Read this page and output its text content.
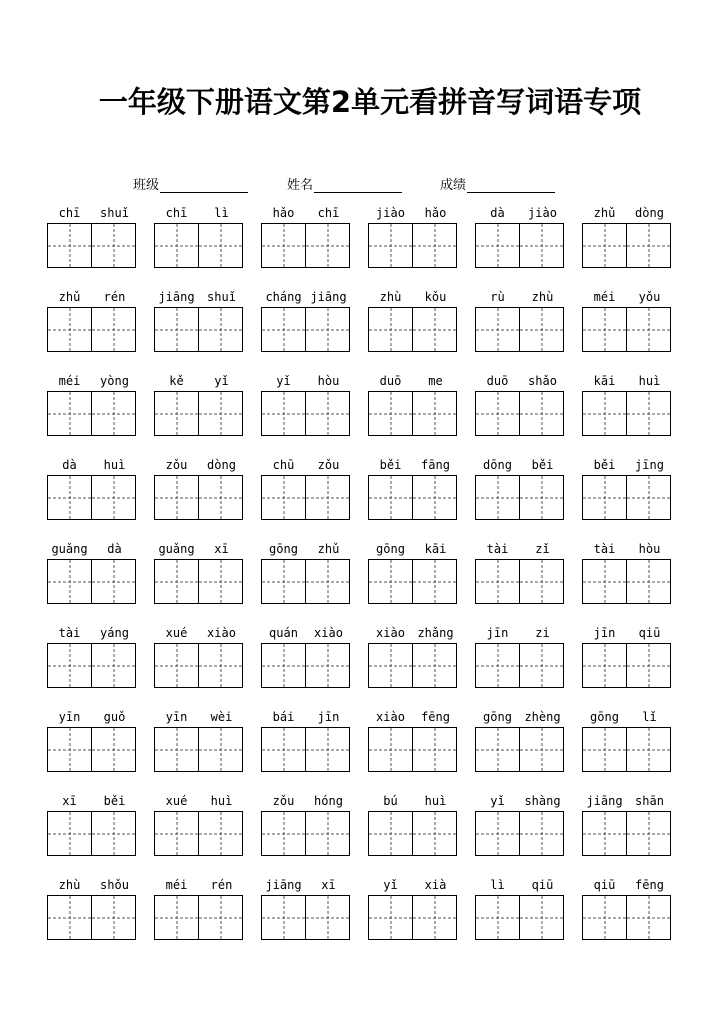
一年级下册语文第2单元看拼音写词语专项
班级	姓名	成绩
chī	shuǐ	chī	lì	hǎo	chī	jiào	hǎo	dà	jiào	zhǔ	dòng
zhǔ	rén	jiāng	shuǐ	cháng jiāng	zhù	kǒu	rù	zhù	méi	yǒu
méi	yòng	kě	yǐ	yǐ	hòu	duō	me	duō	shǎo	kāi	huì
dà	huì	zǒu	dòng	chū	zǒu	běi	fāng	dōng	běi	běi	jīng
guǎng	dà	guǎng	xī	gōng	zhǔ	gōng	kāi	tài	zǐ	tài	hòu
tài	yáng	xué	xiào	quán	xiào	xiào	zhǎng	jīn	zi	jīn	qiū
yīn	guǒ	yīn	wèi	bái	jīn	xiào	fēng	gōng	zhèng	gōng	lǐ
xī	běi	xué	huì	zǒu	hóng	bú	huì	yǐ	shàng	jiāng	shān
zhù	shǒu	méi	rén	jiāng	xī	yǐ	xià	lì	qiū	qiū	fēng
